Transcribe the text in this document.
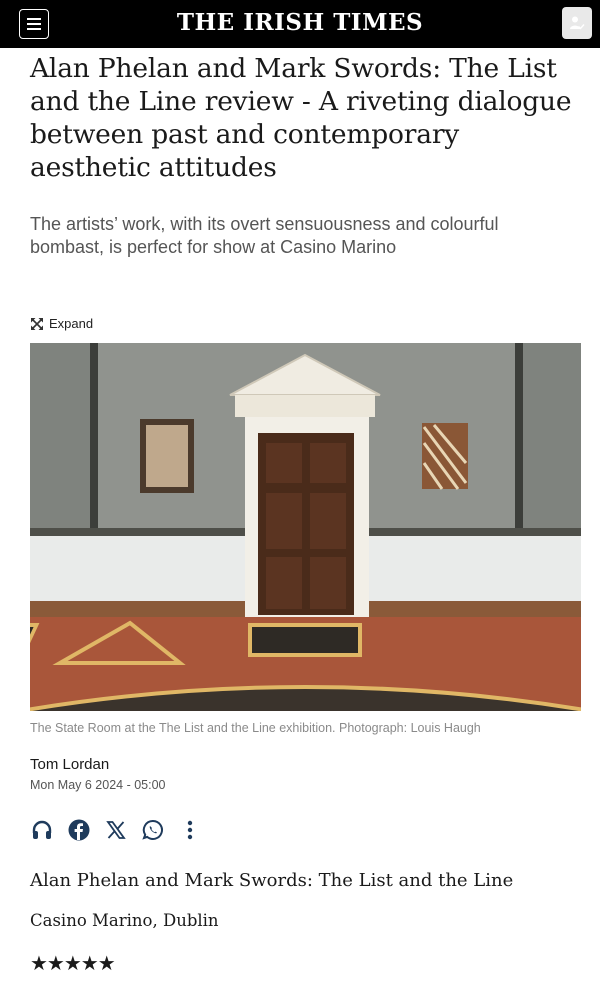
THE IRISH TIMES
Alan Phelan and Mark Swords: The List and the Line review - A riveting dialogue between past and contemporary aesthetic attitudes

The artists’ work, with its overt sensuousness and colourful bombast, is perfect for show at Casino Marino

Expand
The State Room at the The List and the Line exhibition. Photograph: Louis Haugh
Tom Lordan
Mon May 6 2024 - 05:00
Alan Phelan and Mark Swords: The List and the Line
Casino Marino, Dublin
★★★★★
